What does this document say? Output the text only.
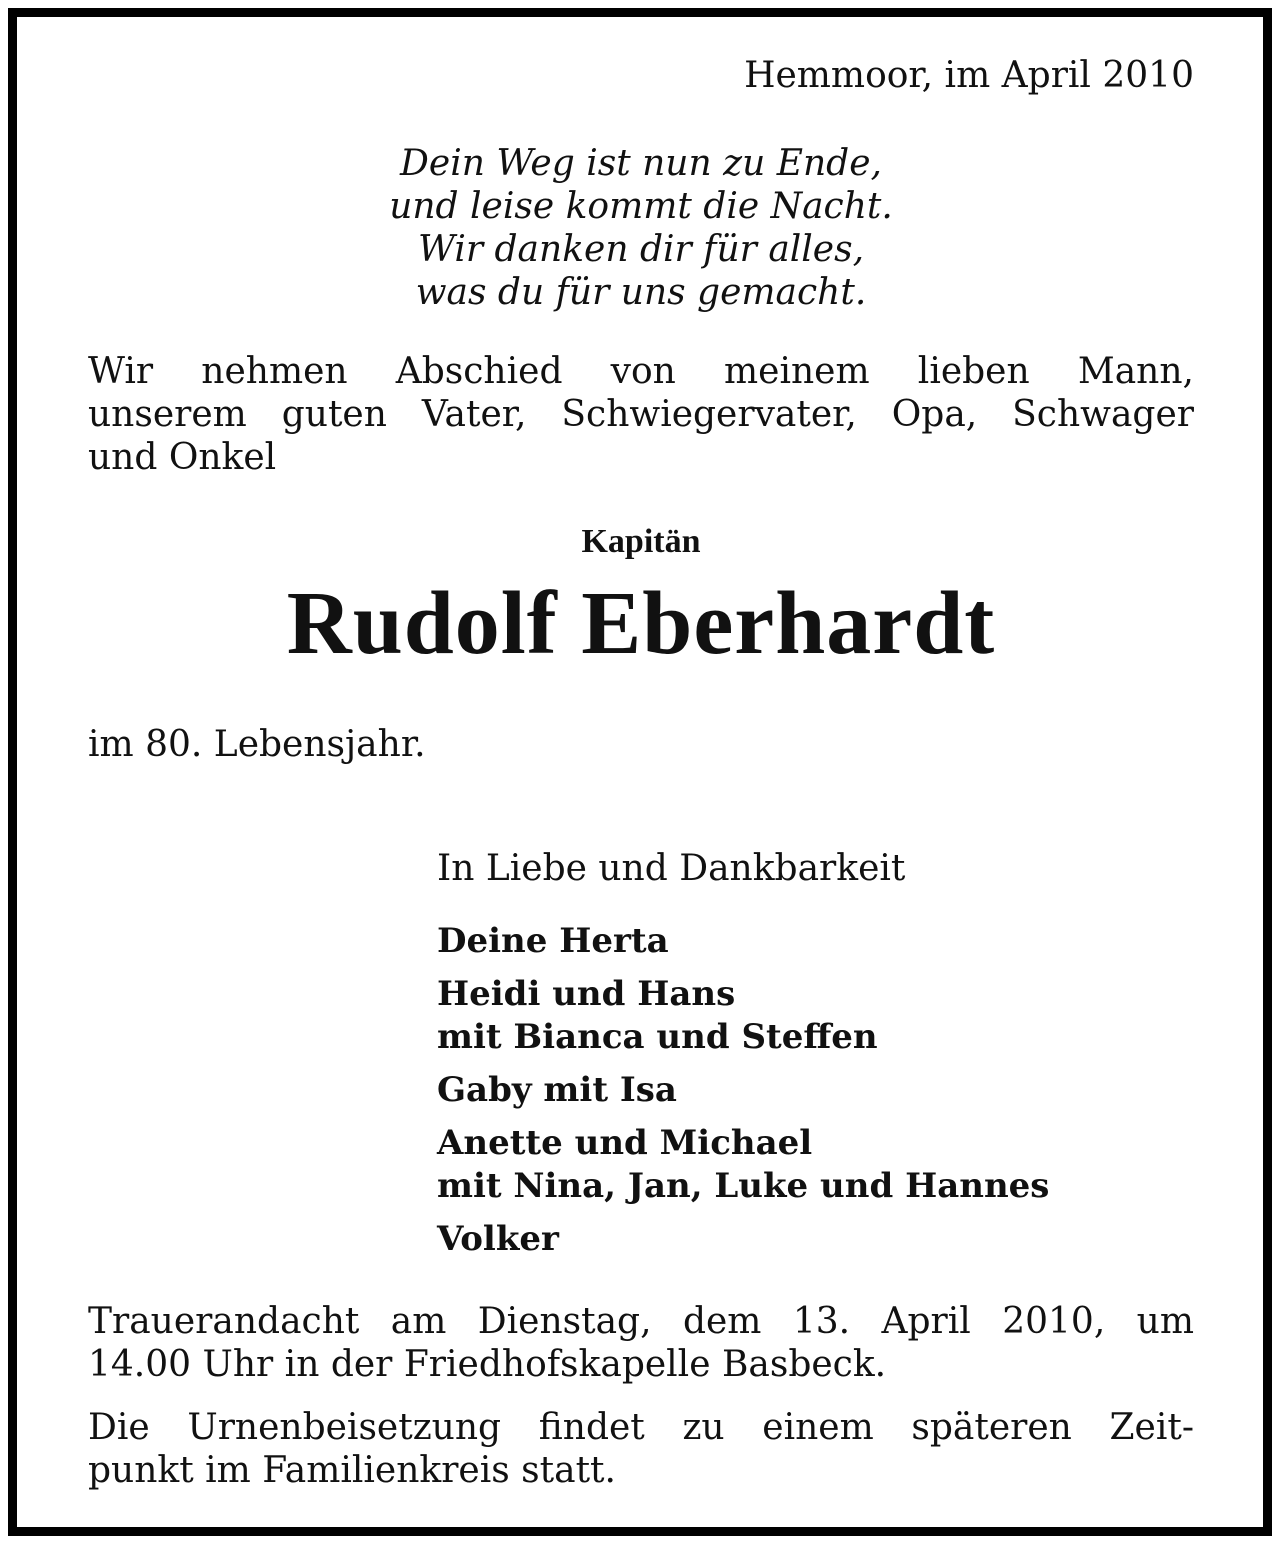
Hemmoor, im April 2010
Dein Weg ist nun zu Ende,
und leise kommt die Nacht.
Wir danken dir für alles,
was du für uns gemacht.
Wir nehmen Abschied von meinem lieben Mann,
unserem guten Vater, Schwiegervater, Opa, Schwager
und Onkel
Kapitän
Rudolf Eberhardt
im 80. Lebensjahr.
In Liebe und Dankbarkeit
Deine Herta
Heidi und Hans
mit Bianca und Steffen
Gaby mit Isa
Anette und Michael
mit Nina, Jan, Luke und Hannes
Volker
Trauerandacht am Dienstag, dem 13. April 2010, um
14.00 Uhr in der Friedhofskapelle Basbeck.
Die Urnenbeisetzung findet zu einem späteren Zeit-
punkt im Familienkreis statt.
